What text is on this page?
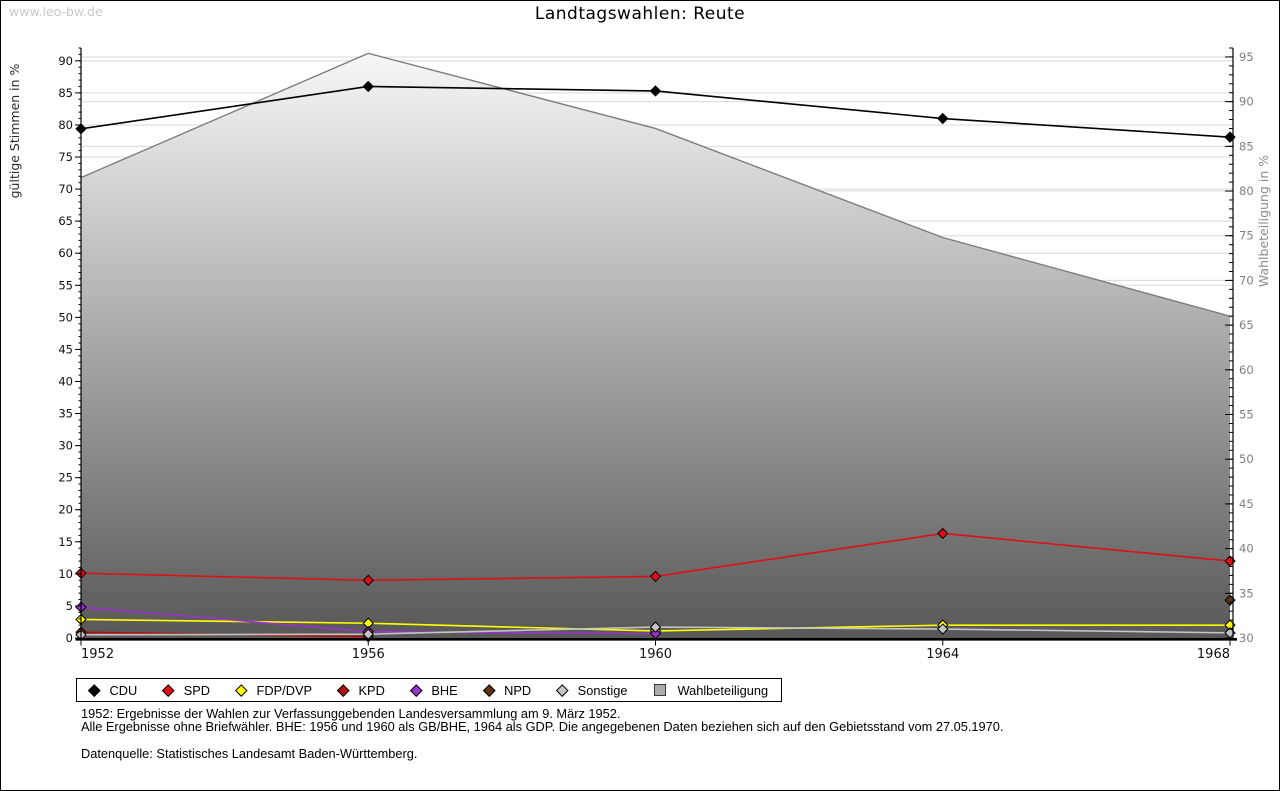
0
5
10
15
20
25
30
35
40
45
50
55
60
65
70
75
80
85
90
30
35
40
45
50
55
60
65
70
75
80
85
90
95
1952	1956	1960	1964	1968
gültige Stimmen in %
Wahlbeteiligung in %
www.leo-bw.de	Landtagswahlen: Reute
CDU	SPD	FDP/DVP	KPD	BHE	NPD	Sonstige	Wahlbeteiligung
1952: Ergebnisse der Wahlen zur Verfassunggebenden Landesversammlung am 9. März 1952.
Alle Ergebnisse ohne Briefwähler. BHE: 1956 und 1960 als GB/BHE, 1964 als GDP. Die angegebenen Daten beziehen sich auf den Gebietsstand vom 27.05.1970.
Datenquelle: Statistisches Landesamt Baden-Württemberg.
